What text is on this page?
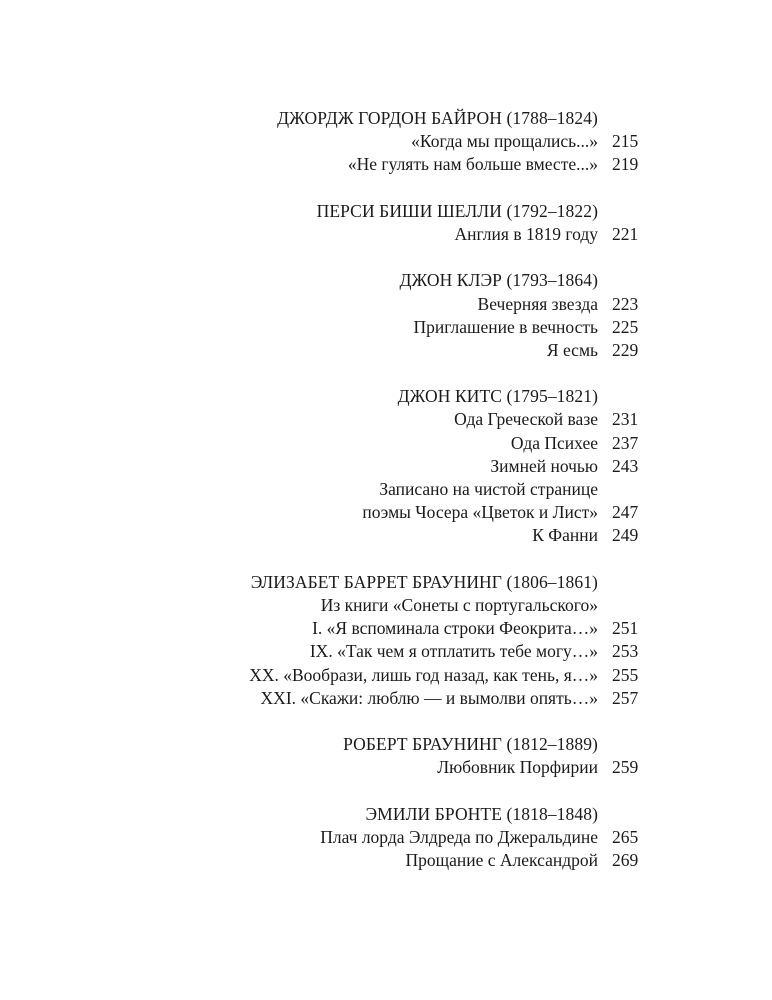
ДЖОРДЖ ГОРДОН БАЙРОН (1788–1824)
«Когда мы прощались...» 215
«Не гулять нам больше вместе...» 219
ПЕРСИ БИШИ ШЕЛЛИ (1792–1822)
Англия в 1819 году 221
ДЖОН КЛЭР (1793–1864)
Вечерняя звезда 223
Приглашение в вечность 225
Я есмь 229
ДЖОН КИТС (1795–1821)
Ода Греческой вазе 231
Ода Психее 237
Зимней ночью 243
Записано на чистой странице
поэмы Чосера «Цветок и Лист» 247
К Фанни 249
ЭЛИЗАБЕТ БАРРЕТ БРАУНИНГ (1806–1861)
Из книги «Сонеты с португальского»
I. «Я вспоминала строки Феокрита…» 251
IX. «Так чем я отплатить тебе могу…» 253
XX. «Вообрази, лишь год назад, как тень, я…» 255
XXI. «Скажи: люблю — и вымолви опять…» 257
РОБЕРТ БРАУНИНГ (1812–1889)
Любовник Порфирии 259
ЭМИЛИ БРОНТЕ (1818–1848)
Плач лорда Элдреда по Джеральдине 265
Прощание с Александрой 269
